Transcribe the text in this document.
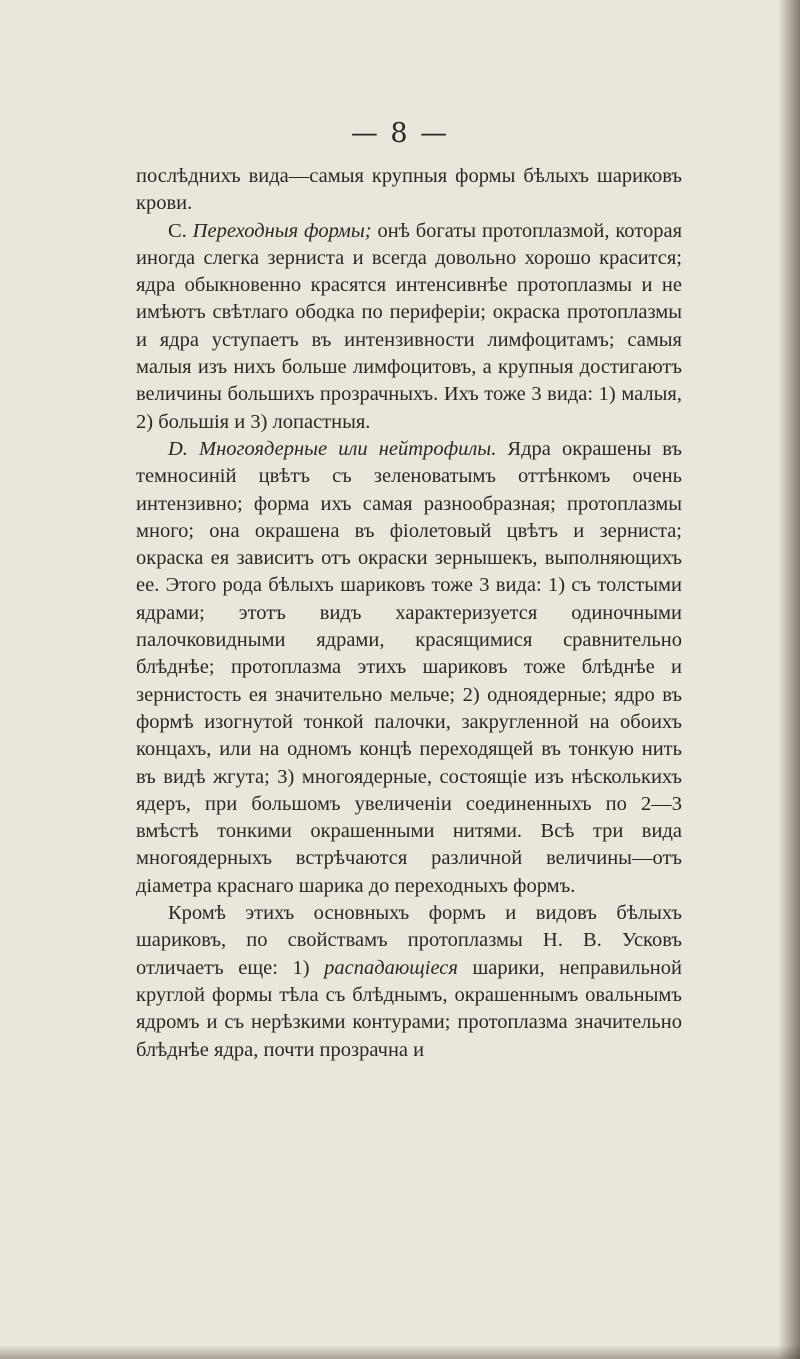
— 8 —

послѣднихъ вида—самыя крупныя формы бѣлыхъ шариковъ крови.

C. Переходныя формы; онѣ богаты протоплазмой, которая иногда слегка зерниста и всегда довольно хорошо красится; ядра обыкновенно красятся интенсивнѣе протоплазмы и не имѣютъ свѣтлаго ободка по перифеpiи; окраска протоплазмы и ядра уступаетъ въ интензивности лимфоцитамъ; самыя малыя изъ нихъ больше лимфоцитовъ, а крупныя достигаютъ величины большихъ прозрачныхъ. Ихъ тоже 3 вида: 1) малыя, 2) большiя и 3) лопастныя.

D. Многоядерные или нейтрофилы. Ядра окрашены въ темносинiй цвѣтъ съ зеленоватымъ оттѣнкомъ очень интензивно; форма ихъ самая разнообразная; протоплазмы много; она окрашена въ фiолетовый цвѣтъ и зерниста; окраска ея зависитъ отъ окраски зернышекъ, выполняющихъ ее. Этого рода бѣлыхъ шариковъ тоже 3 вида: 1) съ толстыми ядрами; этотъ видъ характеризуется одиночными палочковидными ядрами, красящимися сравнительно блѣднѣе; протоплазма этихъ шариковъ тоже блѣднѣе и зернистость ея значительно мельче; 2) одноядерные; ядро въ формѣ изогнутой тонкой палочки, закругленной на обоихъ концахъ, или на одномъ концѣ переходящей въ тонкую нить въ видѣ жгута; 3) многоядерные, состоящiе изъ нѣсколькихъ ядеръ, при большомъ увеличенiи соединенныхъ по 2—3 вмѣстѣ тонкими окрашенными нитями. Всѣ три вида многоядерныхъ встрѣчаются различной величины—отъ дiаметра краснаго шарика до переходныхъ формъ.

Кромѣ этихъ основныхъ формъ и видовъ бѣлыхъ шариковъ, по свойствамъ протоплазмы Н. В. Усковъ отличаетъ еще: 1) распадающiеся шарики, неправильной круглой формы тѣла съ блѣднымъ, окрашеннымъ овальнымъ ядромъ и съ нерѣзкими контурами; протоплазма значительно блѣднѣе ядра, почти прозрачна и
